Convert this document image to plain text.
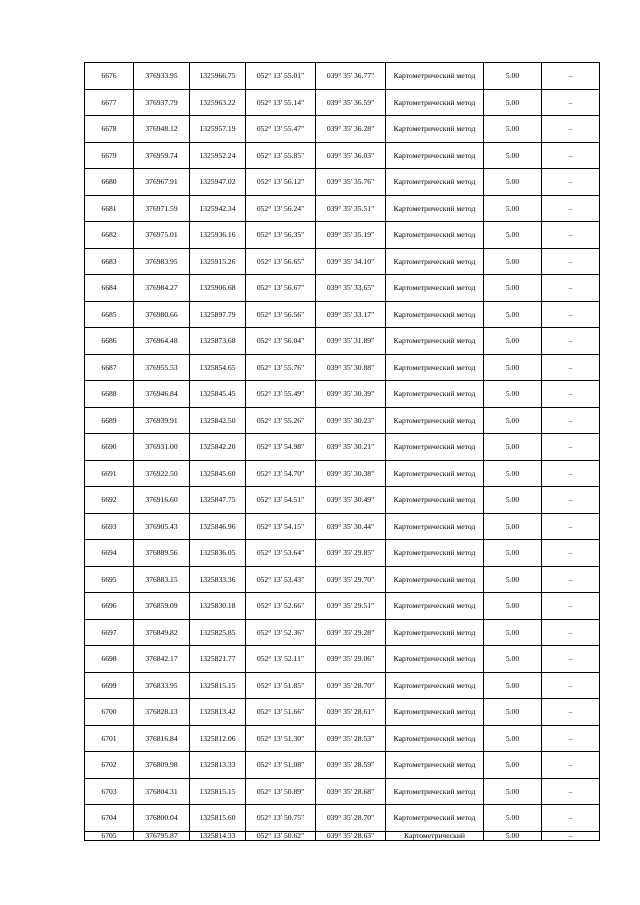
6676	376933.95	1325966.75	052° 13' 55.01"	039° 35' 36.77"	Картометрический метод	5.00	–
6677	376937.79	1325963.22	052° 13' 55.14"	039° 35' 36.59"	Картометрический метод	5.00	–
6678	376948.12	1325957.19	052° 13' 55.47"	039° 35' 36.28"	Картометрический метод	5.00	–
6679	376959.74	1325952.24	052° 13' 55.85"	039° 35' 36.03"	Картометрический метод	5.00	–
6680	376967.91	1325947.02	052° 13' 56.12"	039° 35' 35.76"	Картометрический метод	5.00	–
6681	376971.59	1325942.34	052° 13' 56.24"	039° 35' 35.51"	Картометрический метод	5.00	–
6682	376975.01	1325936.16	052° 13' 56.35"	039° 35' 35.19"	Картометрический метод	5.00	–
6683	376983.95	1325915.26	052° 13' 56.65"	039° 35' 34.10"	Картометрический метод	5.00	–
6684	376984.27	1325906.68	052° 13' 56.67"	039° 35' 33.65"	Картометрический метод	5.00	–
6685	376980.66	1325897.79	052° 13' 56.56"	039° 35' 33.17"	Картометрический метод	5.00	–
6686	376964.48	1325873.68	052° 13' 56.04"	039° 35' 31.89"	Картометрический метод	5.00	–
6687	376955.53	1325854.65	052° 13' 55.76"	039° 35' 30.88"	Картометрический метод	5.00	–
6688	376946.84	1325845.45	052° 13' 55.49"	039° 35' 30.39"	Картометрический метод	5.00	–
6689	376939.91	1325842.50	052° 13' 55.26"	039° 35' 30.23"	Картометрический метод	5.00	–
6690	376931.00	1325842.20	052° 13' 54.98"	039° 35' 30.21"	Картометрический метод	5.00	–
6691	376922.50	1325845.60	052° 13' 54.70"	039° 35' 30.38"	Картометрический метод	5.00	–
6692	376916.60	1325847.75	052° 13' 54.51"	039° 35' 30.49"	Картометрический метод	5.00	–
6693	376905.43	1325846.96	052° 13' 54.15"	039° 35' 30.44"	Картометрический метод	5.00	–
6694	376889.56	1325836.05	052° 13' 53.64"	039° 35' 29.85"	Картометрический метод	5.00	–
6695	376883.15	1325833.36	052° 13' 53.43"	039° 35' 29.70"	Картометрический метод	5.00	–
6696	376859.09	1325830.18	052° 13' 52.66"	039° 35' 29.51"	Картометрический метод	5.00	–
6697	376849.82	1325825.85	052° 13' 52.36"	039° 35' 29.28"	Картометрический метод	5.00	–
6698	376842.17	1325821.77	052° 13' 52.11"	039° 35' 29.06"	Картометрический метод	5.00	–
6699	376833.95	1325815.15	052° 13' 51.85"	039° 35' 28.70"	Картометрический метод	5.00	–
6700	376828.13	1325813.42	052° 13' 51.66"	039° 35' 28.61"	Картометрический метод	5.00	–
6701	376816.84	1325812.06	052° 13' 51.30"	039° 35' 28.53"	Картометрический метод	5.00	–
6702	376809.98	1325813.33	052° 13' 51.08"	039° 35' 28.59"	Картометрический метод	5.00	–
6703	376804.31	1325815.15	052° 13' 50.89"	039° 35' 28.68"	Картометрический метод	5.00	–
6704	376800.04	1325815.60	052° 13' 50.75"	039° 35' 28.70"	Картометрический метод	5.00	–
6705	376795.87	1325814.33	052° 13' 50.62"	039° 35' 28.63"	Картометрический	5.00	–
